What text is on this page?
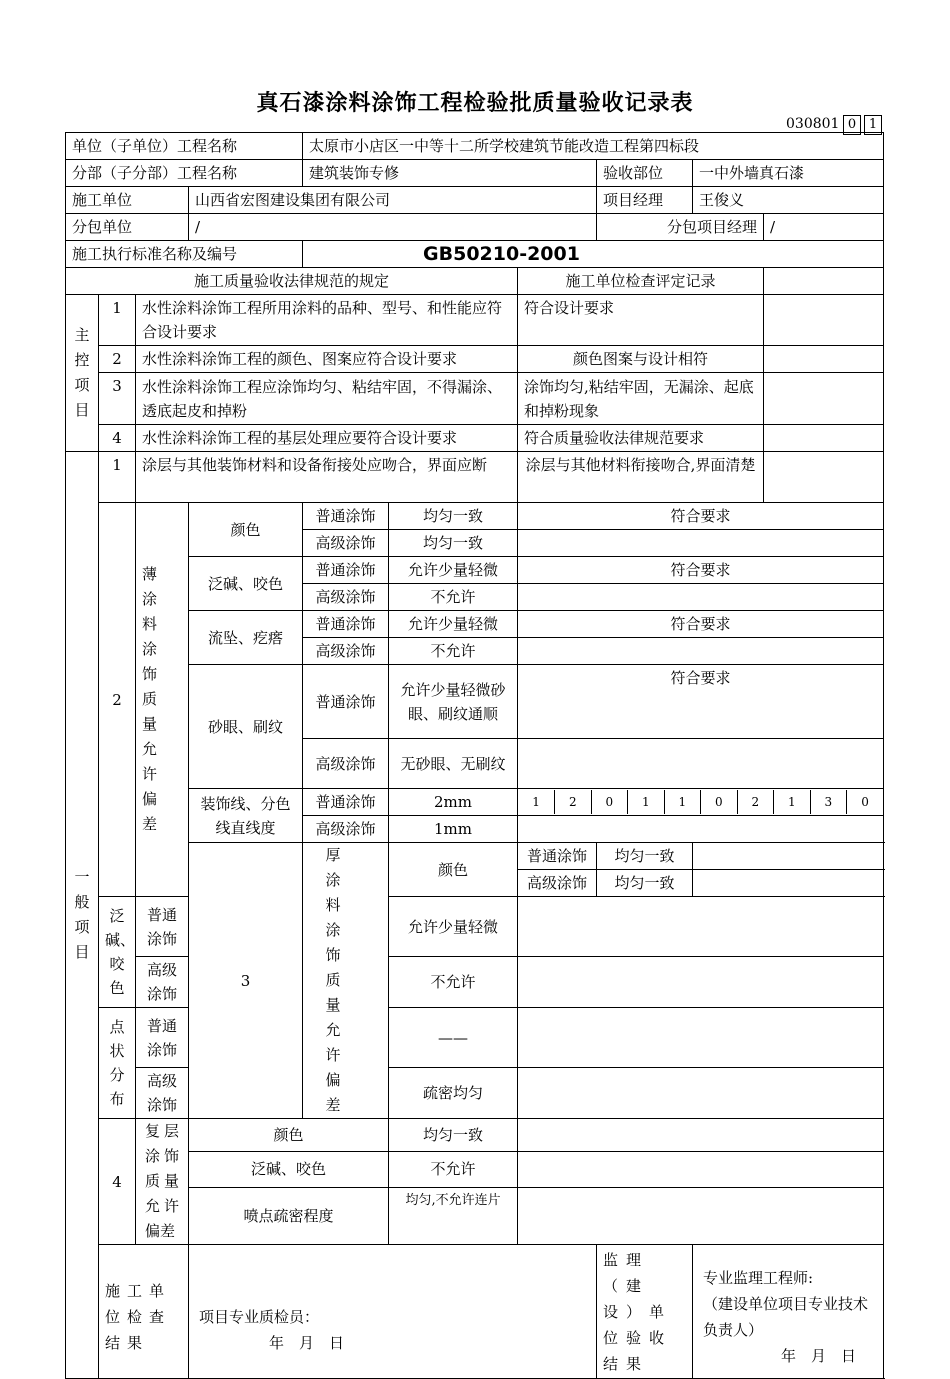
真石漆涂料涂饰工程检验批质量验收记录表
030801 0 1
单位（子单位）工程名称	太原市小店区一中等十二所学校建筑节能改造工程第四标段
分部（子分部）工程名称	建筑装饰专修	验收部位	一中外墙真石漆
施工单位	山西省宏图建设集团有限公司	项目经理	王俊义
分包单位	/	分包项目经理	/
施工执行标准名称及编号	GB50210-2001
施工质量验收法律规范的规定	施工单位检查评定记录	
主控项目	1	水性涂料涂饰工程所用涂料的品种、型号、和性能应符合设计要求	符合设计要求	
2	水性涂料涂饰工程的颜色、图案应符合设计要求	颜色图案与设计相符	
3	水性涂料涂饰工程应涂饰均匀、粘结牢固，不得漏涂、透底起皮和掉粉	涂饰均匀,粘结牢固，无漏涂、起底和掉粉现象	
4	水性涂料涂饰工程的基层处理应要符合设计要求	符合质量验收法律规范要求	
一般项目	1	涂层与其他装饰材料和设备衔接处应吻合，界面应断	涂层与其他材料衔接吻合,界面清楚	
2	薄涂料涂饰质量允许偏差	颜色	普通涂饰	均匀一致	符合要求
高级涂饰	均匀一致	
泛碱、咬色	普通涂饰	允许少量轻微	符合要求
高级涂饰	不允许	
流坠、疙瘩	普通涂饰	允许少量轻微	符合要求
高级涂饰	不允许	
砂眼、刷纹	普通涂饰	允许少量轻微砂眼、刷纹通顺	符合要求
高级涂饰	无砂眼、无刷纹	
装饰线、分色线直线度	普通涂饰	2mm		1	2	0	1	1	0	2	1	3	0

高级涂饰	1mm	

3	厚涂料涂饰质量允许偏差	颜色	普通涂饰	均匀一致	
高级涂饰	均匀一致	
泛碱、咬色	普通涂饰	允许少量轻微	
高级涂饰	不允许	
点状分布	普通涂饰	——	
高级涂饰	疏密均匀	
4	复层涂饰质量允许偏差	颜色	均匀一致	
泛碱、咬色	不允许	
喷点疏密程度	均匀,不允许连片	
施工单位检查结果	
项目专业质检员：
年　月　日
	监理（建设）单位验收结果	
专业监理工程师:
（建设单位项目专业技术负责人）
年　月　日
